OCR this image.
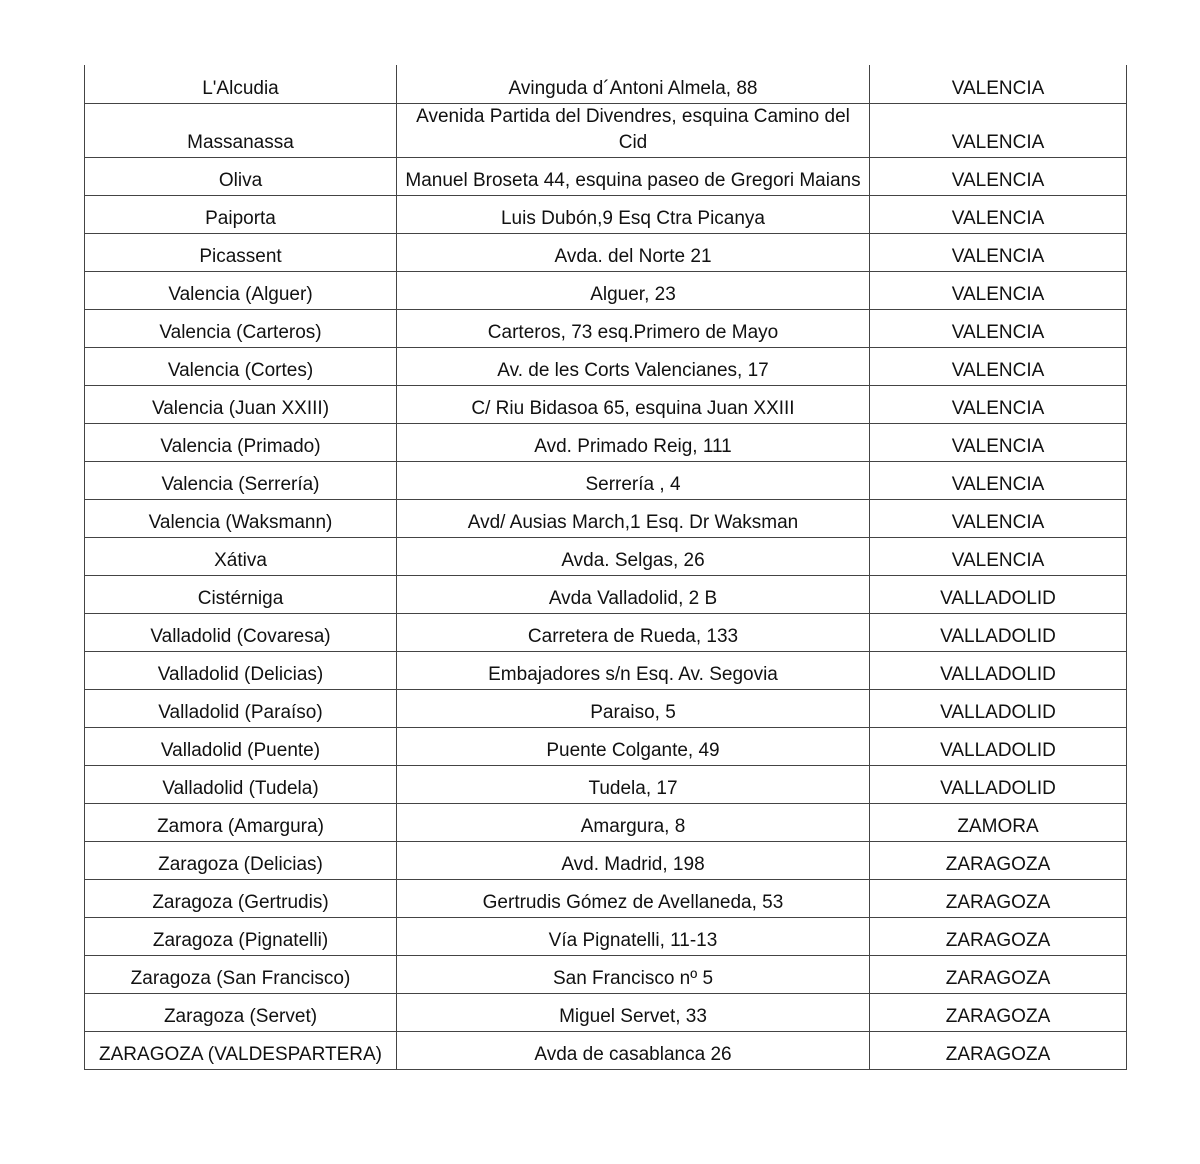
L'Alcudia	Avinguda d´Antoni Almela, 88	VALENCIA
Massanassa	Avenida Partida del Divendres, esquina Camino del Cid	VALENCIA
Oliva	Manuel Broseta 44, esquina paseo de Gregori Maians	VALENCIA
Paiporta	Luis Dubón,9 Esq Ctra Picanya	VALENCIA
Picassent	Avda. del Norte 21	VALENCIA
Valencia (Alguer)	Alguer, 23	VALENCIA
Valencia (Carteros)	Carteros, 73 esq.Primero de Mayo	VALENCIA
Valencia (Cortes)	Av. de les Corts Valencianes, 17	VALENCIA
Valencia (Juan XXIII)	C/ Riu Bidasoa 65, esquina Juan XXIII	VALENCIA
Valencia (Primado)	Avd. Primado Reig, 111	VALENCIA
Valencia (Serrería)	Serrería , 4	VALENCIA
Valencia (Waksmann)	Avd/ Ausias March,1 Esq. Dr Waksman	VALENCIA
Xátiva	Avda. Selgas, 26	VALENCIA
Cistérniga	Avda Valladolid, 2 B	VALLADOLID
Valladolid (Covaresa)	Carretera de Rueda, 133	VALLADOLID
Valladolid (Delicias)	Embajadores s/n Esq. Av. Segovia	VALLADOLID
Valladolid (Paraíso)	Paraiso, 5	VALLADOLID
Valladolid (Puente)	Puente Colgante, 49	VALLADOLID
Valladolid (Tudela)	Tudela, 17	VALLADOLID
Zamora (Amargura)	Amargura, 8	ZAMORA
Zaragoza (Delicias)	Avd. Madrid, 198	ZARAGOZA
Zaragoza (Gertrudis)	Gertrudis Gómez de Avellaneda, 53	ZARAGOZA
Zaragoza (Pignatelli)	Vía Pignatelli, 11-13	ZARAGOZA
Zaragoza (San Francisco)	San Francisco nº 5	ZARAGOZA
Zaragoza (Servet)	Miguel Servet, 33	ZARAGOZA
ZARAGOZA (VALDESPARTERA)	Avda de casablanca 26	ZARAGOZA
